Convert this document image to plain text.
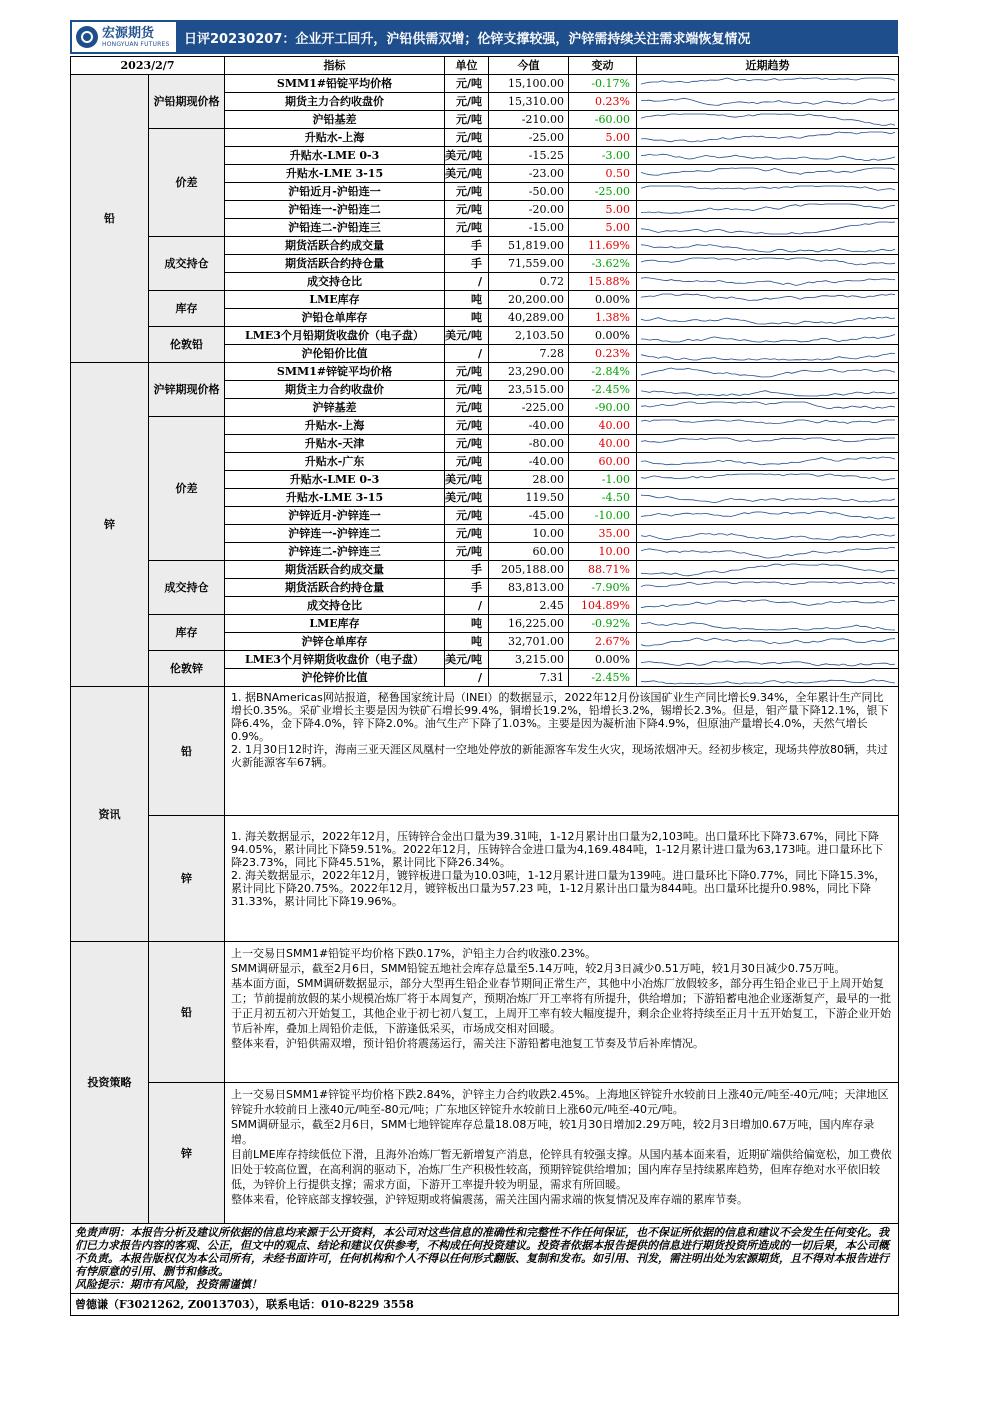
宏源期货
HONGYUAN FUTURES 日评20230207：企业开工回升，沪铅供需双增；伦锌支撑较强，沪锌需持续关注需求端恢复情况
2023/2/7		指标	单位	今值	变动	近期趋势
铅	沪铅期现价格	SMM1#铅锭平均价格	元/吨	15,100.00	-0.17%	

		期货主力合约收盘价	元/吨	15,310.00	0.23%	

		沪铅基差	元/吨	-210.00	-60.00	

	价差	升贴水-上海	元/吨	-25.00	5.00	

		升贴水-LME 0-3	美元/吨	-15.25	-3.00	

		升贴水-LME 3-15	美元/吨	-23.00	0.50	

		沪铅近月-沪铅连一	元/吨	-50.00	-25.00	

		沪铅连一-沪铅连二	元/吨	-20.00	5.00	

		沪铅连二-沪铅连三	元/吨	-15.00	5.00	

	成交持仓	期货活跃合约成交量	手	51,819.00	11.69%	

		期货活跃合约持仓量	手	71,559.00	-3.62%	

		成交持仓比	/	0.72	15.88%	

	库存	LME库存	吨	20,200.00	0.00%	

		沪铅仓单库存	吨	40,289.00	1.38%	

	伦敦铅	LME3个月铅期货收盘价（电子盘）	美元/吨	2,103.50	0.00%	

		沪伦铅价比值	/	7.28	0.23%	

锌	沪锌期现价格	SMM1#锌锭平均价格	元/吨	23,290.00	-2.84%	

		期货主力合约收盘价	元/吨	23,515.00	-2.45%	

		沪锌基差	元/吨	-225.00	-90.00	

	价差	升贴水-上海	元/吨	-40.00	40.00	

		升贴水-天津	元/吨	-80.00	40.00	

		升贴水-广东	元/吨	-40.00	60.00	

		升贴水-LME 0-3	美元/吨	28.00	-1.00	

		升贴水-LME 3-15	美元/吨	119.50	-4.50	

		沪锌近月-沪锌连一	元/吨	-45.00	-10.00	

		沪锌连一-沪锌连二	元/吨	10.00	35.00	

		沪锌连二-沪锌连三	元/吨	60.00	10.00	

	成交持仓	期货活跃合约成交量	手	205,188.00	88.71%	

		期货活跃合约持仓量	手	83,813.00	-7.90%	

		成交持仓比	/	2.45	104.89%	

	库存	LME库存	吨	16,225.00	-0.92%	

		沪锌仓单库存	吨	32,701.00	2.67%	

	伦敦锌	LME3个月锌期货收盘价（电子盘）	美元/吨	3,215.00	0.00%	

		沪伦锌价比值	/	7.31	-2.45%	
资讯	铅	1. 据BNAmericas网站报道，秘鲁国家统计局（INEI）的数据显示，2022年12月份该国矿业生产同比增长9.34%，全年累计生产同比增长0.35%。采矿业增长主要是因为铁矿石增长99.4%，铜增长19.2%，铅增长3.2%，锡增长2.3%。但是，钼产量下降12.1%，银下降6.4%，金下降4.0%，锌下降2.0%。油气生产下降了1.03%。主要是因为凝析油下降4.9%，但原油产量增长4.0%，天然气增长0.9%。

2. 1月30日12时许，海南三亚天涯区凤凰村一空地处停放的新能源客车发生火灾，现场浓烟冲天。经初步核定，现场共停放80辆，共过火新能源客车67辆。

	锌	1. 海关数据显示，2022年12月，压铸锌合金出口量为39.31吨，1-12月累计出口量为2,103吨。出口量环比下降73.67%，同比下降94.05%，累计同比下降59.51%。2022年12月，压铸锌合金进口量为4,169.484吨，1-12月累计进口量为63,173吨。进口量环比下降23.73%，同比下降45.51%，累计同比下降26.34%。

2. 海关数据显示，2022年12月，镀锌板进口量为10.03吨，1-12月累计进口量为139吨。进口量环比下降0.77%，同比下降15.3%，累计同比下降20.75%。2022年12月，镀锌板出口量为57.23 吨，1-12月累计出口量为844吨。出口量环比提升0.98%，同比下降31.33%，累计同比下降19.96%。

投资策略	铅	上一交易日SMM1#铅锭平均价格下跌0.17%，沪铅主力合约收涨0.23%。

SMM调研显示，截至2月6日，SMM铅锭五地社会库存总量至5.14万吨，较2月3日减少0.51万吨，较1月30日减少0.75万吨。

基本面方面，SMM调研数据显示，部分大型再生铅企业春节期间正常生产，其他中小冶炼厂放假较多，部分再生铅企业已于上周开始复工；节前提前放假的某小规模冶炼厂将于本周复产，预期冶炼厂开工率将有所提升，供给增加；下游铅蓄电池企业逐渐复产，最早的一批于正月初五初六开始复工，其他企业于初七初八复工，上周开工率有较大幅度提升，剩余企业将持续至正月十五开始复工，下游企业开始节后补库，叠加上周铅价走低，下游逢低采买，市场成交相对回暖。

整体来看，沪铅供需双增，预计铅价将震荡运行，需关注下游铅蓄电池复工节奏及节后补库情况。

	锌	上一交易日SMM1#锌锭平均价格下跌2.84%，沪锌主力合约收跌2.45%。上海地区锌锭升水较前日上涨40元/吨至-40元/吨；天津地区锌锭升水较前日上涨40元/吨至-80元/吨；广东地区锌锭升水较前日上涨60元/吨至-40元/吨。

SMM调研显示，截至2月6日，SMM七地锌锭库存总量18.08万吨，较1月30日增加2.29万吨，较2月3日增加0.67万吨，国内库存录增。

目前LME库存持续低位下滑，且海外冶炼厂暂无新增复产消息，伦锌具有较强支撑。从国内基本面来看，近期矿端供给偏宽松，加工费依旧处于较高位置，在高利润的驱动下，冶炼厂生产积极性较高，预期锌锭供给增加；国内库存呈持续累库趋势，但库存绝对水平依旧较低，为锌价上行提供支撑；需求方面，下游开工率提升较为明显，需求有所回暖。

整体来看，伦锌底部支撑较强，沪锌短期或将偏震荡，需关注国内需求端的恢复情况及库存端的累库节奏。

免责声明：本报告分析及建议所依据的信息均来源于公开资料，本公司对这些信息的准确性和完整性不作任何保证，也不保证所依据的信息和建议不会发生任何变化。我们已力求报告内容的客观、公正，但文中的观点、结论和建议仅供参考，不构成任何投资建议。投资者依据本报告提供的信息进行期货投资所造成的一切后果，本公司概不负责。本报告版权仅为本公司所有，未经书面许可，任何机构和个人不得以任何形式翻版、复制和发布。如引用、刊发，需注明出处为宏源期货，且不得对本报告进行有悖原意的引用、删节和修改。
风险提示：期市有风险，投资需谨慎！		
曾德谦（F3021262, Z0013703），联系电话：010-8229 3558		
